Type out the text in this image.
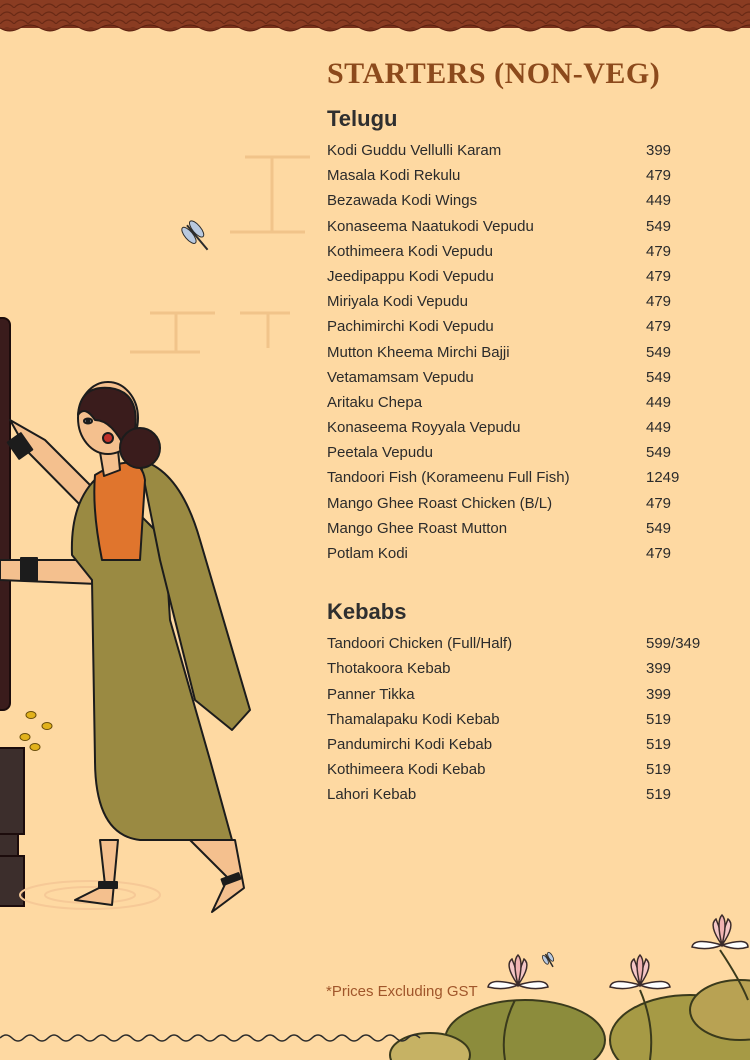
STARTERS (NON-VEG)
Telugu
Kodi Guddu Vellulli Karam	399
Masala Kodi Rekulu	479
Bezawada Kodi Wings	449
Konaseema Naatukodi Vepudu	549
Kothimeera Kodi Vepudu	479
Jeedipappu Kodi Vepudu	479
Miriyala Kodi Vepudu	479
Pachimirchi Kodi Vepudu	479
Mutton Kheema Mirchi Bajji	549
Vetamamsam Vepudu	549
Aritaku Chepa	449
Konaseema Royyala Vepudu	449
Peetala Vepudu	549
Tandoori Fish (Korameenu Full Fish)	1249
Mango Ghee Roast Chicken (B/L)	479
Mango Ghee Roast Mutton	549
Potlam Kodi	479
Kebabs
Tandoori Chicken (Full/Half)	599/349
Thotakoora Kebab	399
Panner Tikka	399
Thamalapaku Kodi Kebab	519
Pandumirchi Kodi Kebab	519
Kothimeera Kodi Kebab	519
Lahori Kebab	519
*Prices Excluding GST
